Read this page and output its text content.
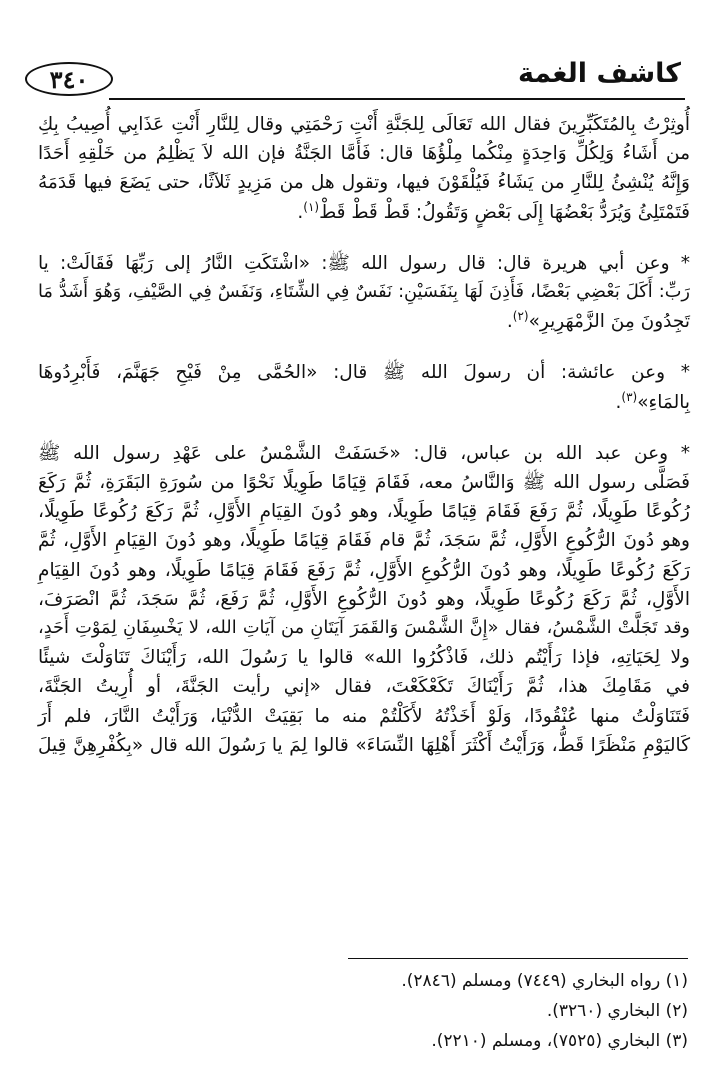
٣٤٠	كاشف الغمة

أُوثِرْتُ بِالمُتَكَبِّرِينَ فقال الله تَعَالَى لِلجَنَّةِ أَنْتِ رَحْمَتِي وقال لِلنَّارِ أَنْتِ عَذَابِي أُصِيبُ بِكِ
من أَشَاءُ وَلِكُلِّ وَاحِدَةٍ مِنْكُما مِلْؤُهَا قال: فَأَمَّا الجَنَّةُ فإن الله لاَ يَظْلِمُ من خَلْقِهِ أَحَدًا
وَإِنَّهُ يُنْشِئُ لِلنَّارِ من يَشَاءُ فَيُلْقَوْنَ فيها، وتقول هل من مَزِيدٍ ثَلاَثًا، حتى يَضَعَ فيها قَدَمَهُ
فَتَمْتَلِئُ وَيُرَدُّ بَعْضُهَا إِلَى بَعْضٍ وَتَقُولُ: قَطْ قَطْ قَطْ$^{(١)}$.

* وعن أبي هريرة قال: قال رسول الله ﷺ: «اشْتَكَتِ النَّارُ إلى رَبِّهَا فَقَالَتْ: يا
رَبِّ: أَكَلَ بَعْضِي بَعْضًا، فَأَذِنَ لَهَا بِنَفَسَيْنِ: نَفَسٌ فِي الشِّتَاءِ، وَنَفَسٌ فِي الصَّيْفِ، وَهُوَ أَشَدُّ مَا
تَجِدُونَ مِنَ الزَّمْهَرِيرِ»$^{(٢)}$.

* وعن عائشة: أن رسولَ الله ﷺ قال: «الحُمَّى مِنْ فَيْحِ جَهَنَّمَ، فَأَبْرِدُوهَا
بِالمَاءِ»$^{(٣)}$.

* وعن عبد الله بن عباس، قال: «خَسَفَتْ الشَّمْسُ على عَهْدِ رسول الله ﷺ
فَصَلَّى رسول الله ﷺ وَالنَّاسُ معه، فَقَامَ قِيَامًا طَوِيلًا نَحْوًا من سُورَةِ البَقَرَةِ، ثُمَّ رَكَعَ
رُكُوعًا طَوِيلًا، ثُمَّ رَفَعَ فَقَامَ قِيَامًا طَوِيلًا، وهو دُونَ القِيَامِ الأَوَّلِ، ثُمَّ رَكَعَ رُكُوعًا طَوِيلًا،
وهو دُونَ الرُّكُوعِ الأَوَّلِ، ثُمَّ سَجَدَ، ثُمَّ قام فَقَامَ قِيَامًا طَوِيلًا، وهو دُونَ القِيَامِ الأَوَّلِ، ثُمَّ
رَكَعَ رُكُوعًا طَوِيلًا، وهو دُونَ الرُّكُوعِ الأَوَّلِ، ثُمَّ رَفَعَ فَقَامَ قِيَامًا طَوِيلًا، وهو دُونَ القِيَامِ
الأَوَّلِ، ثُمَّ رَكَعَ رُكُوعًا طَوِيلًا، وهو دُونَ الرُّكُوعِ الأَوَّلِ، ثُمَّ رَفَعَ، ثُمَّ سَجَدَ، ثُمَّ انْصَرَفَ،
وقد تَجَلَّتْ الشَّمْسُ، فقال «إِنَّ الشَّمْسَ وَالقَمَرَ آيَتَانِ من آيَاتِ الله، لا يَخْسِفَانِ لِمَوْتِ أَحَدٍ،
ولا لِحَيَاتِهِ، فإذا رَأَيْتُم ذلك، فَاذْكُرُوا الله» قالوا يا رَسُولَ الله، رَأَيْنَاكَ تَنَاوَلْتَ شيئًا
في مَقَامِكَ هذا، ثُمَّ رَأَيْنَاكَ تَكَعْكَعْتَ، فقال «إني رأيت الجَنَّةَ، أو أُرِيتُ الجَنَّةَ،
فَتَنَاوَلْتُ منها عُنْقُودًا، وَلَوْ أَخَذْتُهُ لأَكَلْتُمْ منه ما بَقِيَتْ الدُّنْيَا، وَرَأَيْتُ النَّارَ، فلم أَرَ
كَاليَوْمِ مَنْظَرًا قَطُّ، وَرَأَيْتُ أَكْثَرَ أَهْلِهَا النِّسَاءَ» قالوا لِمَ يا رَسُولَ الله قال «بِكُفْرِهِنَّ قِيلَ

(١) رواه البخاري (٧٤٤٩) ومسلم (٢٨٤٦).
(٢) البخاري (٣٢٦٠).
(٣) البخاري (٧٥٢٥)، ومسلم (٢٢١٠).
